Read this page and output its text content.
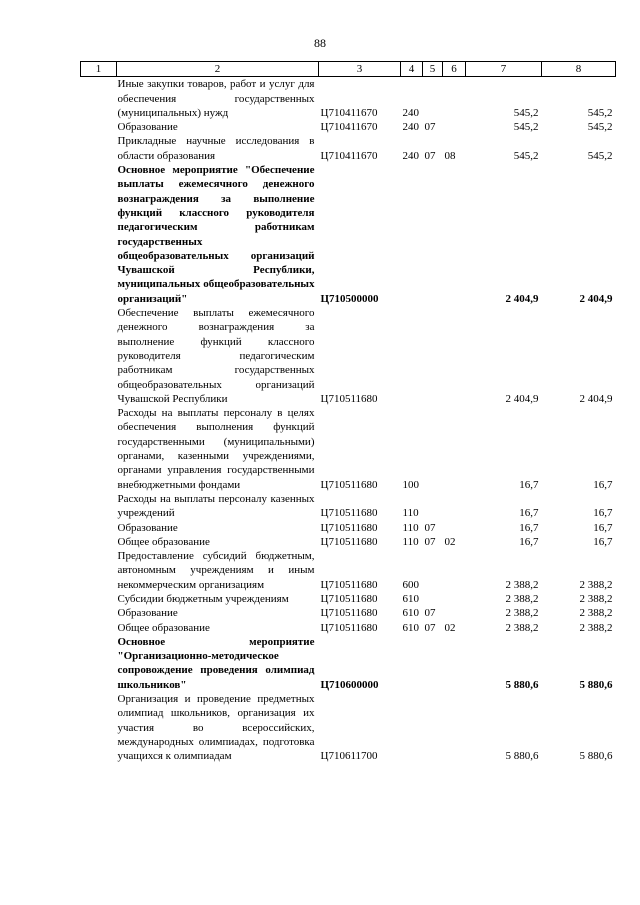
88
1	2	3	4	5	6	7	8
	Иные закупки товаров, работ и услуг для обеспечения государственных (муниципальных) нужд	Ц710411670	240			545,2	545,2
	Образование	Ц710411670	240	07		545,2	545,2
	Прикладные научные исследования в области образования	Ц710411670	240	07	08	545,2	545,2
	Основное мероприятие "Обеспечение выплаты ежемесячного денежного вознаграждения за выполнение функций классного руководителя педагогическим работникам государственных общеобразовательных организаций Чувашской Республики, муниципальных общеобразовательных организаций"	Ц710500000				2 404,9	2 404,9
	Обеспечение выплаты ежемесячного денежного вознаграждения за выполнение функций классного руководителя педагогическим работникам государственных общеобразовательных организаций Чувашской Республики	Ц710511680				2 404,9	2 404,9
	Расходы на выплаты персоналу в целях обеспечения выполнения функций государственными (муниципальными) органами, казенными учреждениями, органами управления государственными внебюджетными фондами	Ц710511680	100			16,7	16,7
	Расходы на выплаты персоналу казенных учреждений	Ц710511680	110			16,7	16,7
	Образование	Ц710511680	110	07		16,7	16,7
	Общее образование	Ц710511680	110	07	02	16,7	16,7
	Предоставление субсидий бюджетным, автономным учреждениям и иным некоммерческим организациям	Ц710511680	600			2 388,2	2 388,2
	Субсидии бюджетным учреждениям	Ц710511680	610			2 388,2	2 388,2
	Образование	Ц710511680	610	07		2 388,2	2 388,2
	Общее образование	Ц710511680	610	07	02	2 388,2	2 388,2
	Основное мероприятие "Организационно-методическое сопровождение проведения олимпиад школьников"	Ц710600000				5 880,6	5 880,6
	Организация и проведение предметных олимпиад школьников, организация их участия во всероссийских, международных олимпиадах, подготовка учащихся к олимпиадам	Ц710611700				5 880,6	5 880,6
